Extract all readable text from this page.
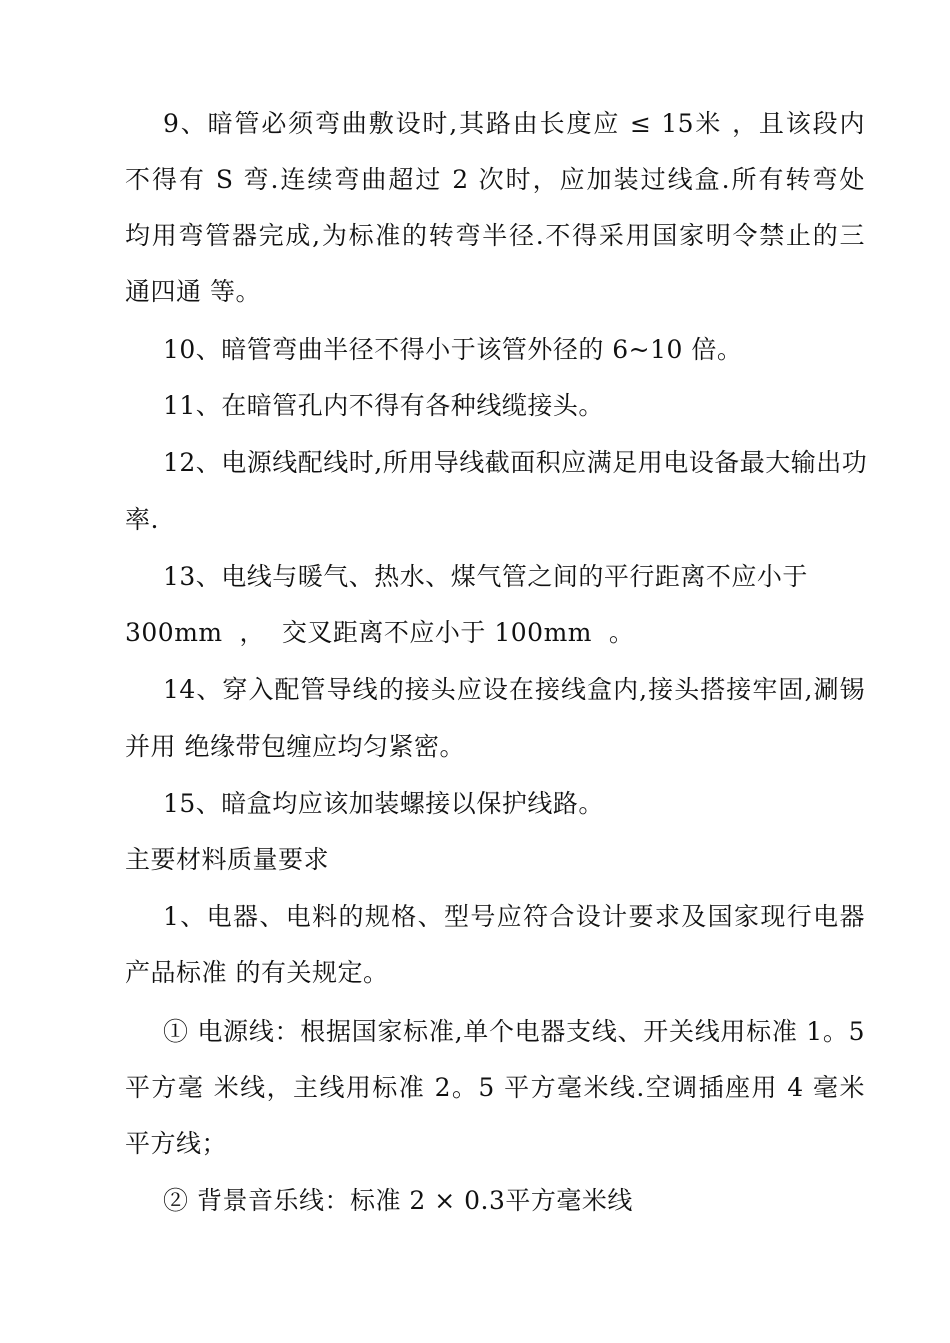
9、暗管必须弯曲敷设时,其路由长度应 ≤ 15米 ，且该段内
不得有 S 弯.连续弯曲超过 2 次时，应加装过线盒.所有转弯处
均用弯管器完成,为标准的转弯半径.不得采用国家明令禁止的三
通四通 等。
10、暗管弯曲半径不得小于该管外径的 6~10 倍。
11、在暗管孔内不得有各种线缆接头。
12、电源线配线时,所用导线截面积应满足用电设备最大输出功
率.
13、电线与暖气、热水、煤气管之间的平行距离不应小于
300mm  ，  交叉距离不应小于 100mm  。
14、穿入配管导线的接头应设在接线盒内,接头搭接牢固,涮锡
并用 绝缘带包缠应均匀紧密。
15、暗盒均应该加装螺接以保护线路。
主要材料质量要求
1、电器、电料的规格、型号应符合设计要求及国家现行电器
产品标准 的有关规定。
① 电源线：根据国家标准,单个电器支线、开关线用标准 1。5
平方毫 米线，主线用标准 2。5 平方毫米线.空调插座用 4 毫米
平方线；
② 背景音乐线：标准 2 × 0.3平方毫米线
